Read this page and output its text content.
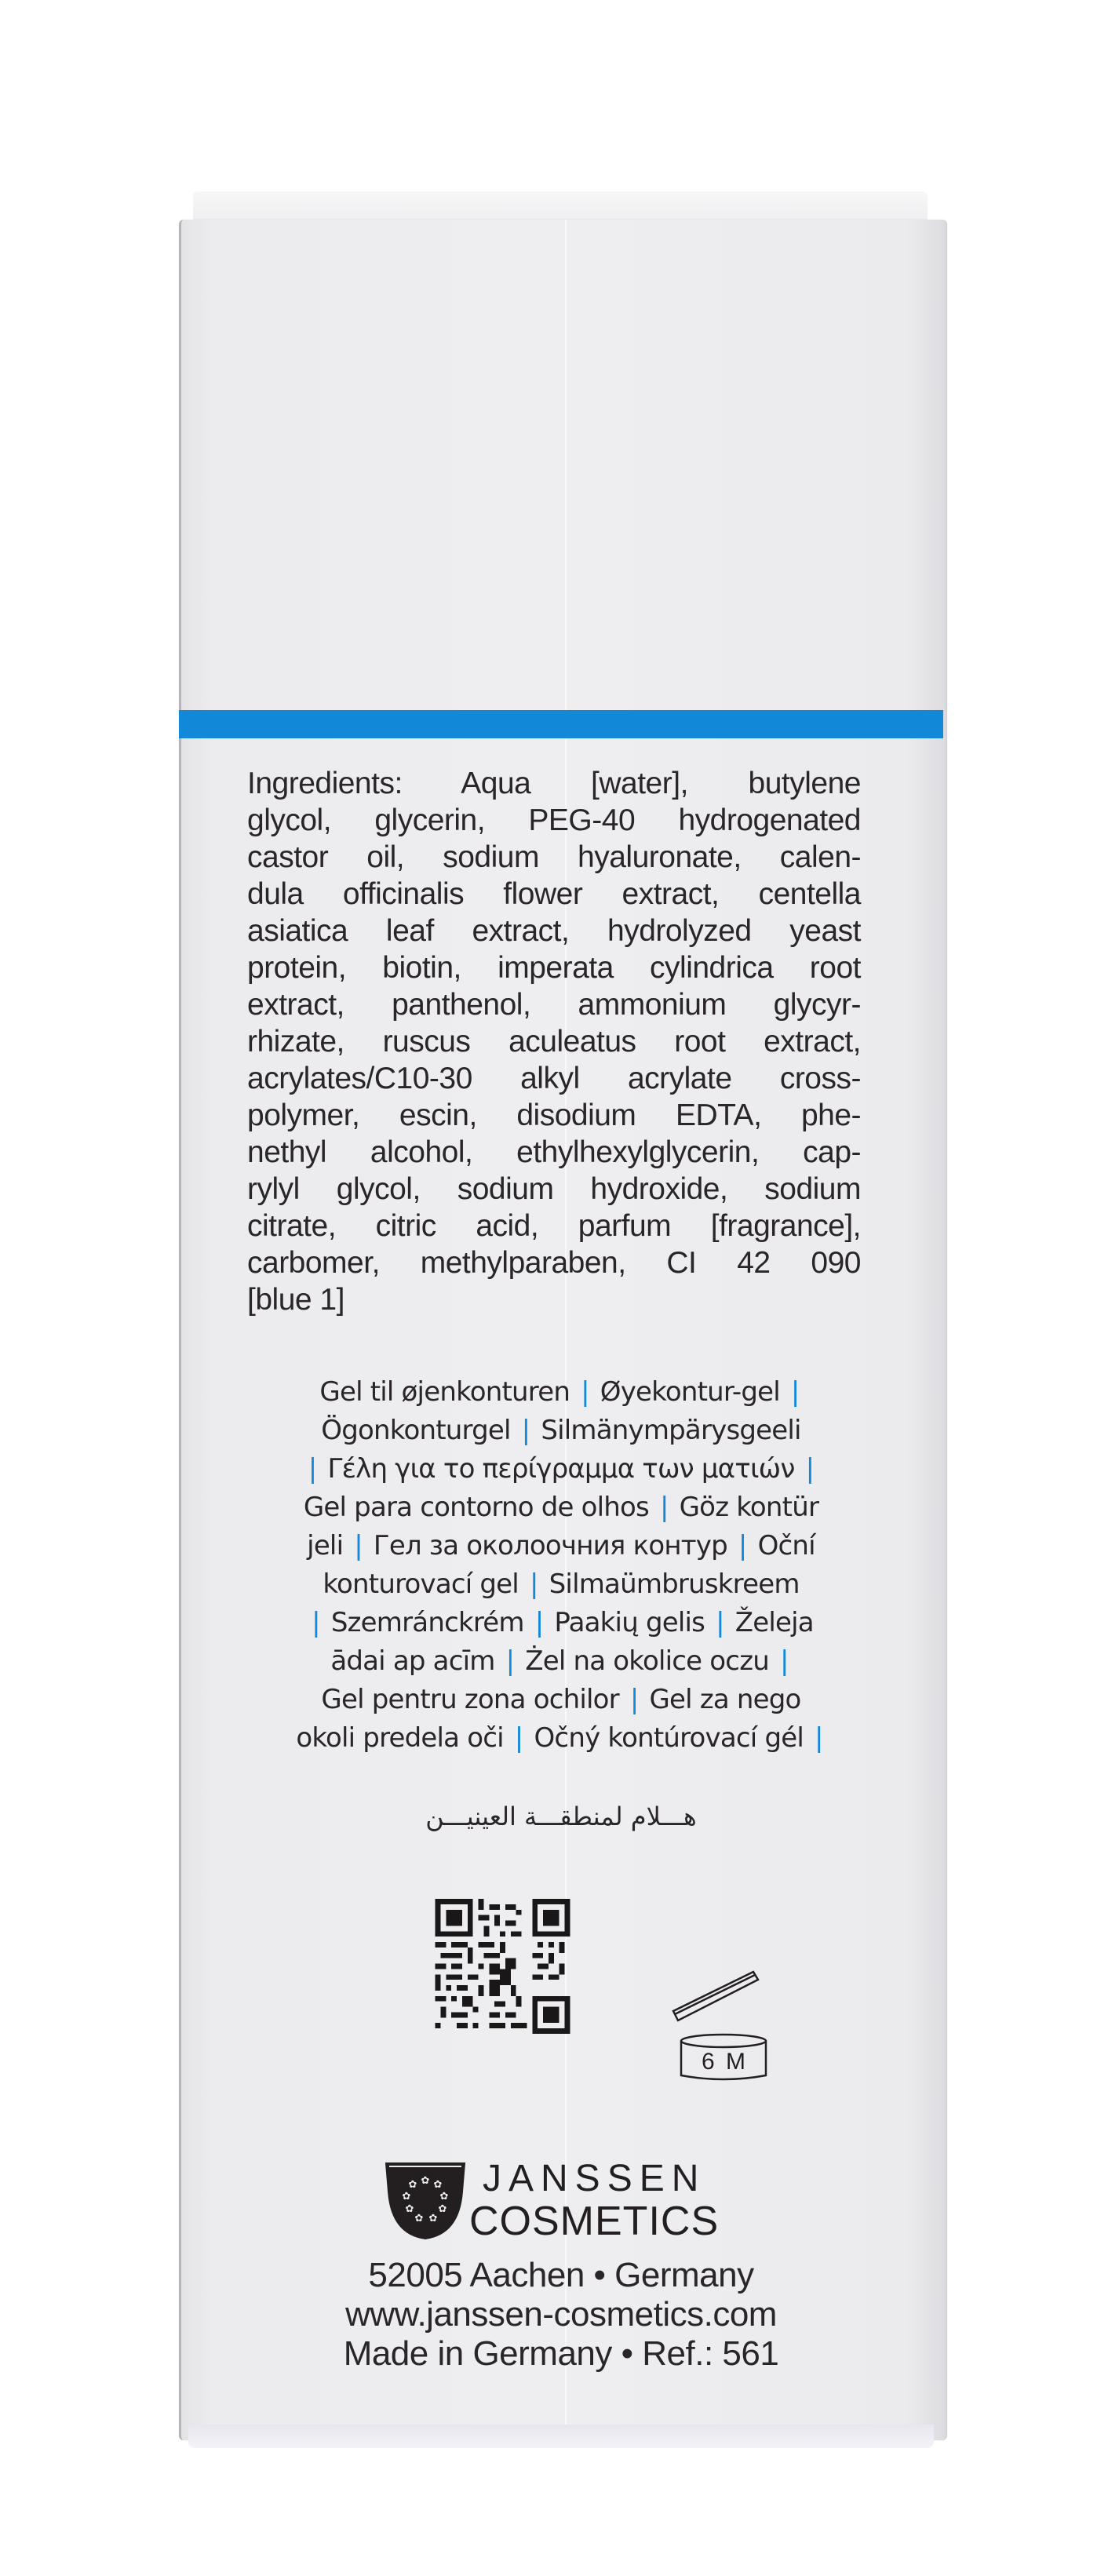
Ingredients: Aqua [water], butylene
glycol, glycerin, PEG-40 hydrogenated
castor oil, sodium hyaluronate, calen-
dula officinalis flower extract, centella
asiatica leaf extract, hydrolyzed yeast
protein, biotin, imperata cylindrica root
extract, panthenol, ammonium glycyr-
rhizate, ruscus aculeatus root extract,
acrylates/C10-30 alkyl acrylate cross-
polymer, escin, disodium EDTA, phe-
nethyl alcohol, ethylhexylglycerin, cap-
rylyl glycol, sodium hydroxide, sodium
citrate, citric acid, parfum [fragrance],
carbomer, methylparaben, CI 42 090
[blue 1]
Gel til øjenkonturen | Øyekontur-gel |
Ögonkonturgel | Silmänympärysgeeli
| Γέλη για το περίγραμμα των ματιών |
Gel para contorno de olhos | Göz kontür
jeli | Гел за околоочния контур | Oční
konturovací gel | Silmaümbruskreem
| Szemránckrém | Paakių gelis | Želeja
ādai ap acīm | Żel na okolice oczu |
Gel pentru zona ochilor | Gel za nego
okoli predela oči | Očný kontúrovací gél |
هـــلام لمنطقـــة العينيـــن
6 M
✿ ✿
✿
✿
✿
✿
✿
✿
✿ JANSSEN
COSMETICS
52005 Aachen • Germany
www.janssen-cosmetics.com
Made in Germany • Ref.: 561
